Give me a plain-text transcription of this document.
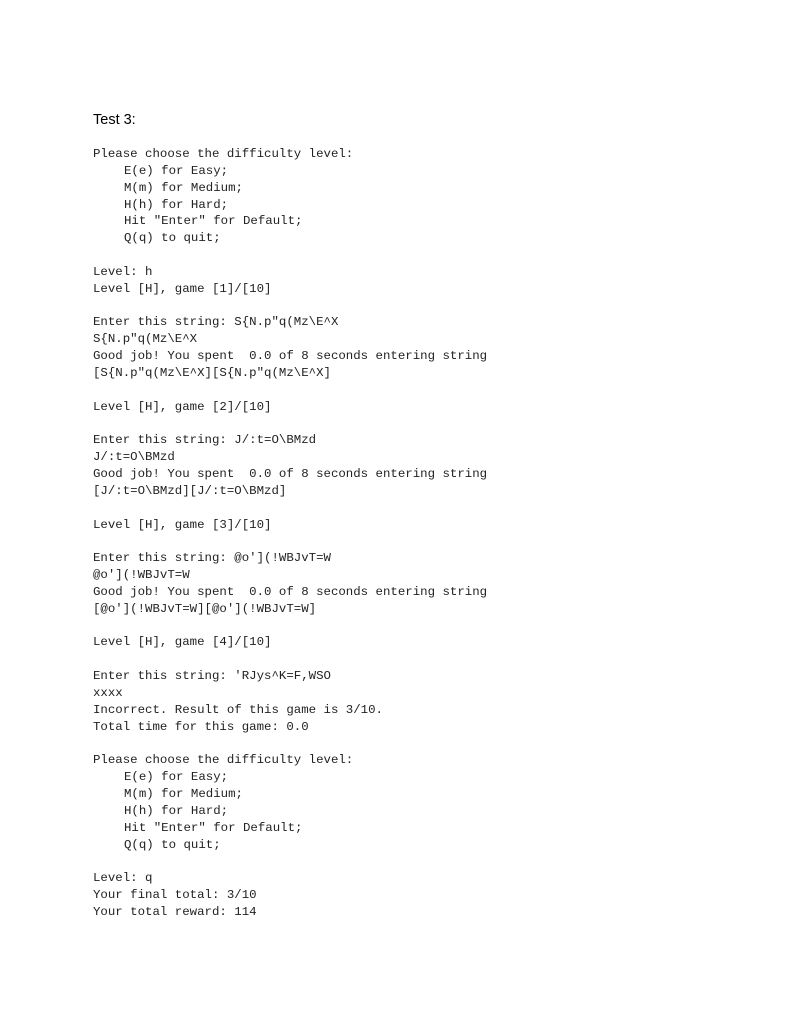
Test 3:
Please choose the difficulty level:
E(e) for Easy;
M(m) for Medium;
H(h) for Hard;
Hit "Enter" for Default;
Q(q) to quit;
Level: h
Level [H], game [1]/[10]
Enter this string: S{N.p"q(Mz\E^X
S{N.p"q(Mz\E^X
Good job! You spent  0.0 of 8 seconds entering string
[S{N.p"q(Mz\E^X][S{N.p"q(Mz\E^X]
Level [H], game [2]/[10]
Enter this string: J/:t=O\BMzd
J/:t=O\BMzd
Good job! You spent  0.0 of 8 seconds entering string
[J/:t=O\BMzd][J/:t=O\BMzd]
Level [H], game [3]/[10]
Enter this string: @o'](!WBJvT=W
@o'](!WBJvT=W
Good job! You spent  0.0 of 8 seconds entering string
[@o'](!WBJvT=W][@o'](!WBJvT=W]
Level [H], game [4]/[10]
Enter this string: 'RJys^K=F,WSO
xxxx
Incorrect. Result of this game is 3/10.
Total time for this game: 0.0
Please choose the difficulty level:
E(e) for Easy;
M(m) for Medium;
H(h) for Hard;
Hit "Enter" for Default;
Q(q) to quit;
Level: q
Your final total: 3/10
Your total reward: 114
